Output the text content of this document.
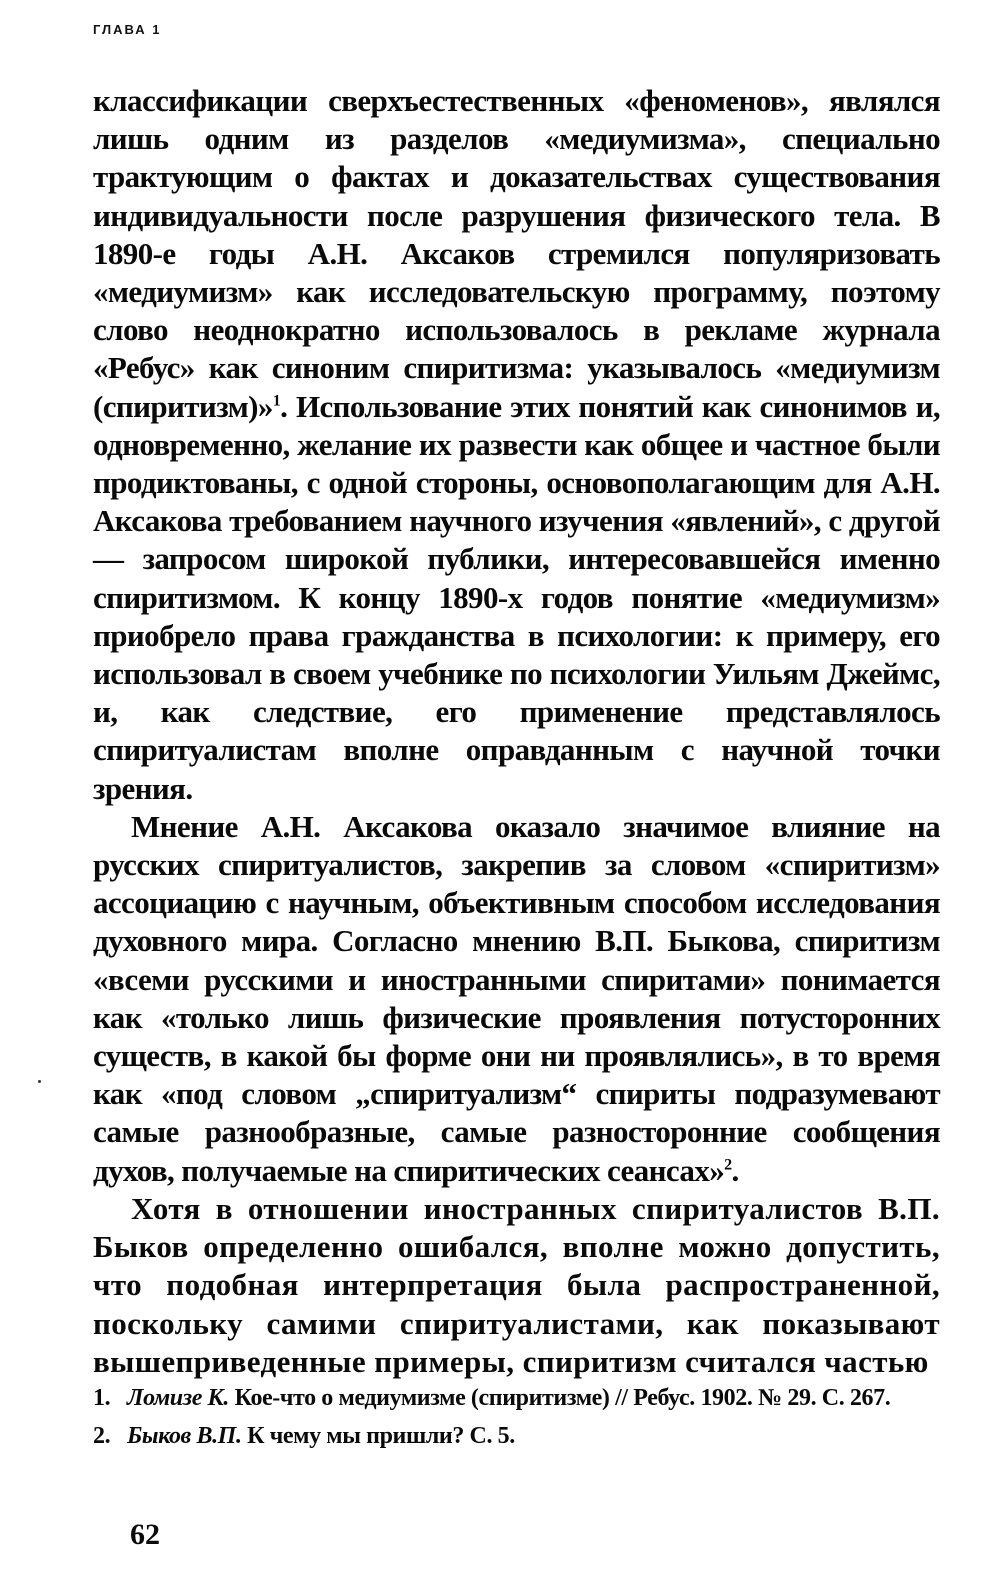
ГЛАВА 1

классификации сверхъестественных «феноменов», являлся лишь одним из разделов «медиумизма», специально трактующим о фактах и доказательствах существования индивидуальности после разрушения физического тела. В 1890-е годы А.Н. Аксаков стремился популяризовать «медиумизм» как исследовательскую программу, поэтому слово неоднократно использовалось в рекламе журнала «Ребус» как синоним спиритизма: указывалось «медиумизм (спиритизм)»$^1$. Использование этих понятий как синонимов и, одновременно, желание их развести как общее и частное были продиктованы, с одной стороны, основополагающим для А.Н. Аксакова требованием научного изучения «явлений», с другой — запросом широкой публики, интересовавшейся именно спиритизмом. К концу 1890-х годов понятие «медиумизм» приобрело права гражданства в психологии: к примеру, его использовал в своем учебнике по психологии Уильям Джеймс, и, как следствие, его применение представлялось спиритуалистам вполне оправданным с научной точки зрения.

Мнение А.Н. Аксакова оказало значимое влияние на русских спиритуалистов, закрепив за словом «спиритизм» ассоциацию с научным, объективным способом исследования духовного мира. Согласно мнению В.П. Быкова, спиритизм «всеми русскими и иностранными спиритами» понимается как «только лишь физические проявления потусторонних существ, в какой бы форме они ни проявлялись», в то время как «под словом „спиритуализм“ спириты подразумевают самые разнообразные, самые разносторонние сообщения духов, получаемые на спиритических сеансах»$^2$.

Хотя в отношении иностранных спиритуалистов В.П. Быков определенно ошибался, вполне можно допустить, что подобная интерпретация была распространенной, поскольку самими спиритуалистами, как показывают вышеприведенные примеры, спиритизм считался частью

1. Ломизе К. Кое-что о медиумизме (спиритизме) // Ребус. 1902. № 29. С. 267.
2. Быков В.П. К чему мы пришли? С. 5.
62
